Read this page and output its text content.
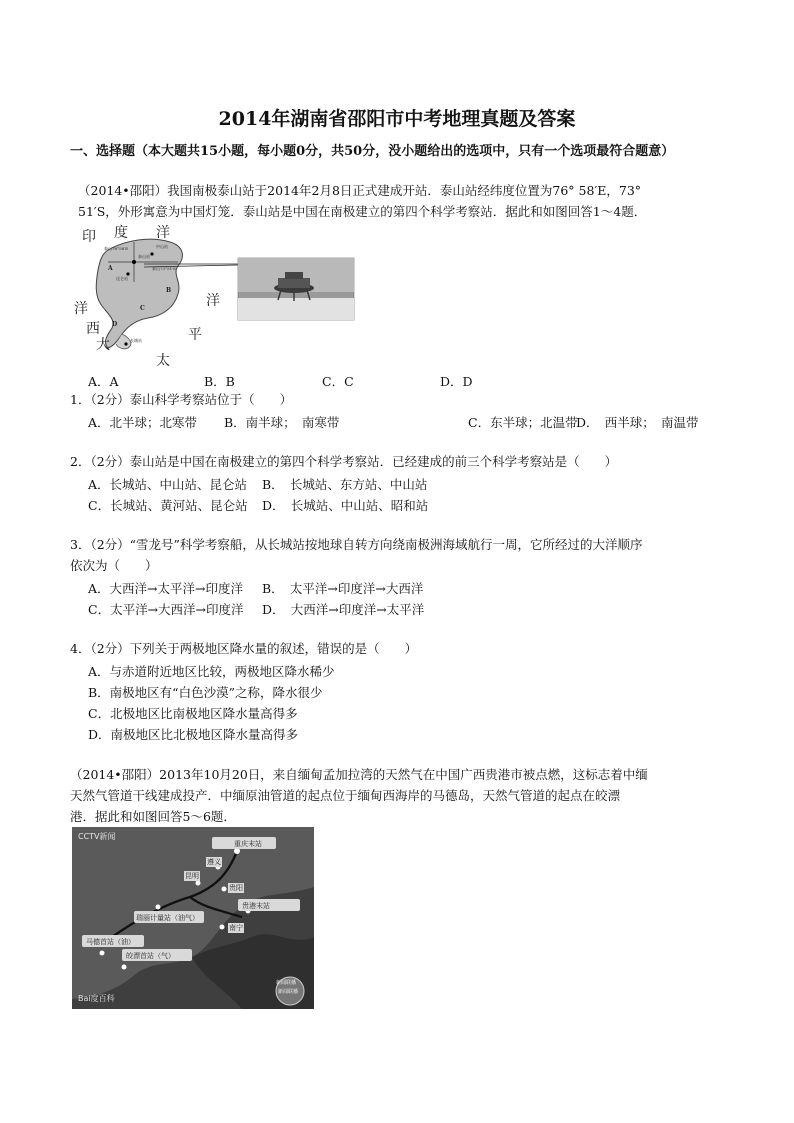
2014年湖南省邵阳市中考地理真题及答案
一、选择题（本大题共15小题，每小题0分，共50分，没小题给出的选项中，只有一个选项最符合题意）
（2014•邵阳）我国南极泰山站于2014年2月8日正式建成开站．泰山站经纬度位置为76° 58′E，73°
51′S，外形寓意为中国灯笼．泰山站是中国在南极建立的第四个科学考察站．据此和如图回答1～4题．
中山站
泰山站
泰山73°51′S
泰山76°58′E
昆仑站
长城站
A
B
C
D
印 度 洋
洋	洋
西
大
平
太
A．A	B．B	C．C	D．D
1．（2分）泰山科学考察站位于（　　）
A．北半球；北寒带 B．南半球；　南寒带	C．东半球；北温带
D．　西半球；　南温带
2．（2分）泰山站是中国在南极建立的第四个科学考察站．已经建成的前三个科学考察站是（　　）
A．长城站、中山站、昆仑站 B．　长城站、东方站、中山站
C．长城站、黄河站、昆仑站 D．　长城站、中山站、昭和站
3．（2分）“雪龙号”科学考察船，从长城站按地球自转方向绕南极洲海域航行一周，它所经过的大洋顺序
依次为（　　）
A．大西洋→太平洋→印度洋 B．　太平洋→印度洋→大西洋
C．太平洋→大西洋→印度洋 D．　大西洋→印度洋→太平洋
4．（2分）下列关于两极地区降水量的叙述，错误的是（　　）
A．与赤道附近地区比较，两极地区降水稀少
B．南极地区有“白色沙漠”之称，降水很少
C．北极地区比南极地区降水量高得多
D．南极地区比北极地区降水量高得多
（2014•邵阳）2013年10月20日，来自缅甸孟加拉湾的天然气在中国广西贵港市被点燃，这标志着中缅
天然气管道干线建成投产．中缅原油管道的起点位于缅甸西海岸的马德岛，天然气管道的起点在皎漂
港．据此和如图回答5～6题．
CCTV新闻
重庆末站
遵义
昆明
贵阳
瑞丽计量站（油气）
贵港末站
南宁
马德首站（油）
皎漂首站（气）
Bai度百科
新闻联播
新闻联播
